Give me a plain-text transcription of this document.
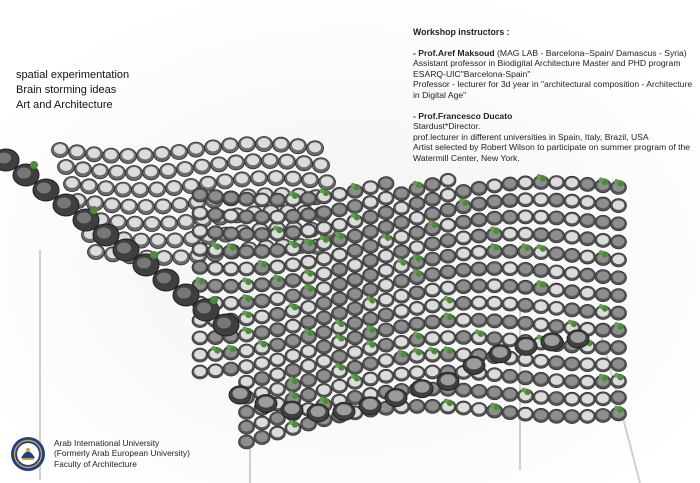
spatial experimentation
Brain storming ideas
Art and Architecture
Workshop instructors :
- Prof.Aref Maksoud (MAG LAB - Barcelona–Spain/ Damascus - Syria)
Assistant professor in Biodigital Architecture Master and PHD program ESARQ-UIC"Barcelona-Spain"
Professor - lecturer for 3d year in "architectural composition - Architecture in Digital Age"
- Prof.Francesco Ducato
Stardust*Director.
prof.lecturer in different universities in Spain, Italy, Brazil, USA
Artist selected by Robert Wilson to participate on summer program of the Watermill Center, New York.
Arab International University
(Formerly Arab European University)
Faculty of Architecture
